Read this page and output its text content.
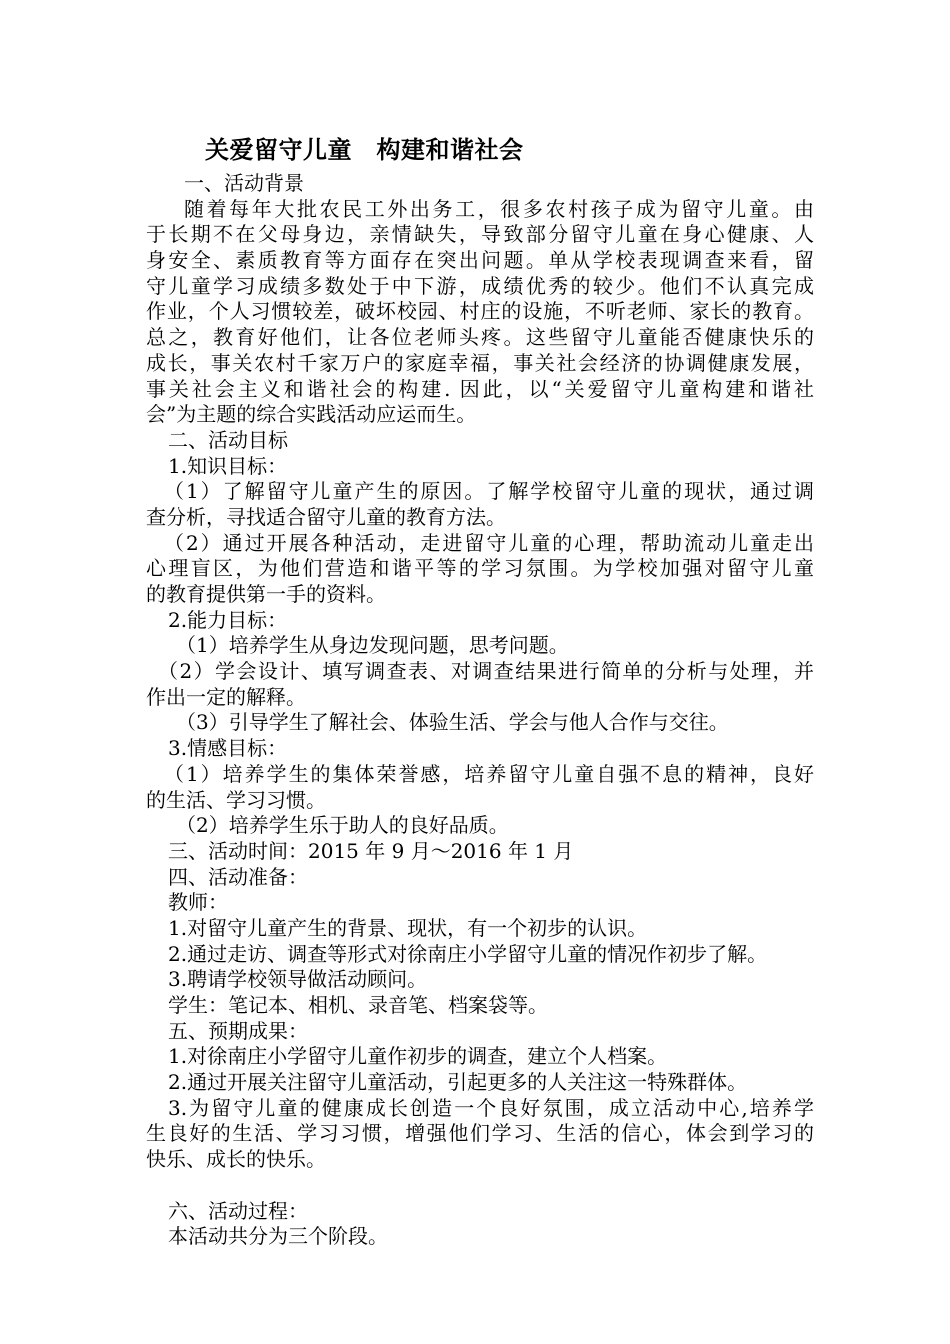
关爱留守儿童　构建和谐社会
一、活动背景
随着每年大批农民工外出务工，很多农村孩子成为留守儿童。由
于长期不在父母身边，亲情缺失，导致部分留守儿童在身心健康、人
身安全、素质教育等方面存在突出问题。单从学校表现调查来看，留
守儿童学习成绩多数处于中下游，成绩优秀的较少。他们不认真完成
作业，个人习惯较差，破坏校园、村庄的设施，不听老师、家长的教育。
总之，教育好他们，让各位老师头疼。这些留守儿童能否健康快乐的
成长，事关农村千家万户的家庭幸福，事关社会经济的协调健康发展，
事关社会主义和谐社会的构建. 因此，以“关爱留守儿童构建和谐社
会”为主题的综合实践活动应运而生。
二、活动目标
1.知识目标：
（1）了解留守儿童产生的原因。了解学校留守儿童的现状，通过调
查分析，寻找适合留守儿童的教育方法。
（2）通过开展各种活动，走进留守儿童的心理，帮助流动儿童走出
心理盲区，为他们营造和谐平等的学习氛围。为学校加强对留守儿童
的教育提供第一手的资料。
2.能力目标：
（1）培养学生从身边发现问题，思考问题。
（2）学会设计、填写调查表、对调查结果进行简单的分析与处理，并
作出一定的解释。
（3）引导学生了解社会、体验生活、学会与他人合作与交往。
3.情感目标：
（1）培养学生的集体荣誉感，培养留守儿童自强不息的精神，良好
的生活、学习习惯。
（2）培养学生乐于助人的良好品质。
三、活动时间：2015 年 9 月～2016 年 1 月
四、活动准备：
教师：
1.对留守儿童产生的背景、现状，有一个初步的认识。
2.通过走访、调查等形式对徐南庄小学留守儿童的情况作初步了解。
3.聘请学校领导做活动顾问。
学生：笔记本、相机、录音笔、档案袋等。
五、预期成果：
1.对徐南庄小学留守儿童作初步的调查，建立个人档案。
2.通过开展关注留守儿童活动，引起更多的人关注这一特殊群体。
3.为留守儿童的健康成长创造一个良好氛围，成立活动中心,培养学
生良好的生活、学习习惯，增强他们学习、生活的信心，体会到学习的
快乐、成长的快乐。
六、活动过程：
本活动共分为三个阶段。
